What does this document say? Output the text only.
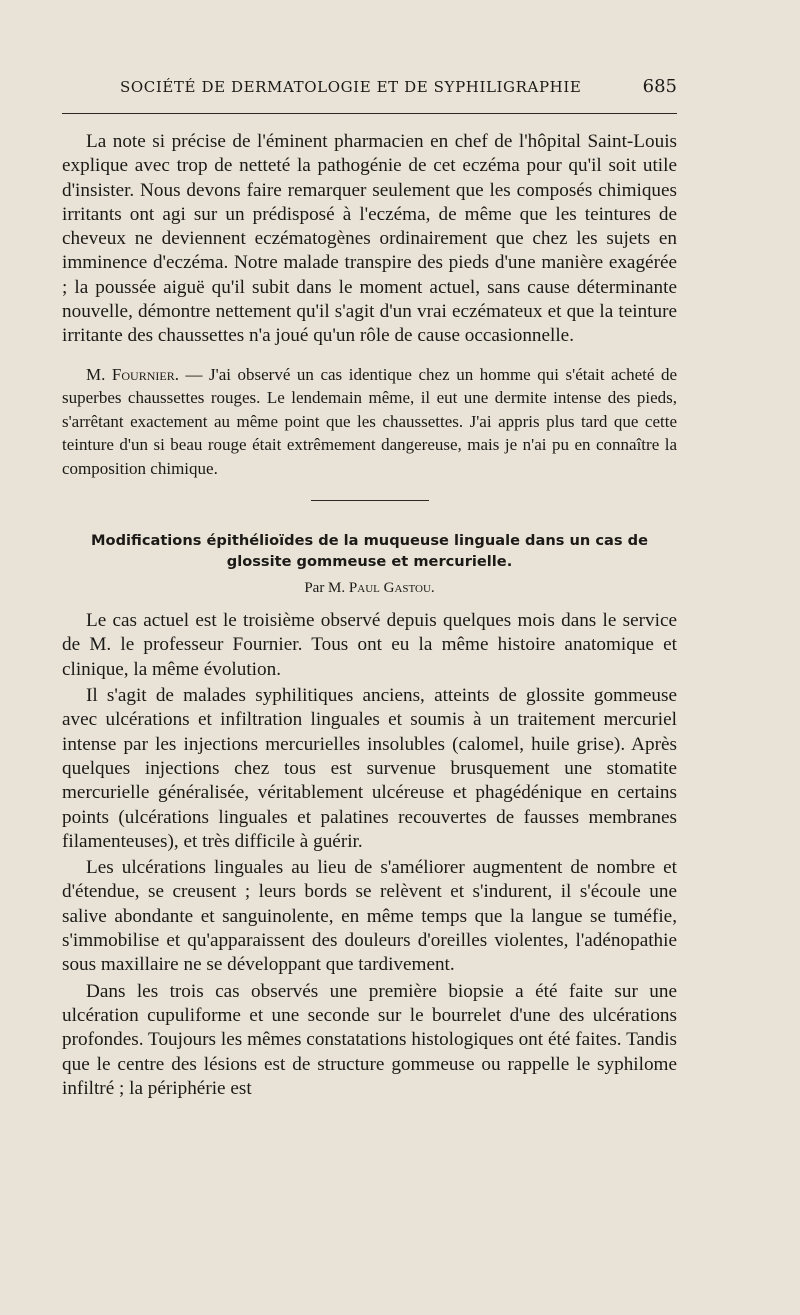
SOCIÉTÉ DE DERMATOLOGIE ET DE SYPHILIGRAPHIE	685

La note si précise de l'éminent pharmacien en chef de l'hôpital Saint-Louis explique avec trop de netteté la pathogénie de cet eczéma pour qu'il soit utile d'insister. Nous devons faire remarquer seulement que les composés chimiques irritants ont agi sur un prédisposé à l'eczéma, de même que les teintures de cheveux ne deviennent eczématogènes ordinairement que chez les sujets en imminence d'eczéma. Notre malade transpire des pieds d'une manière exagérée ; la poussée aiguë qu'il subit dans le moment actuel, sans cause déterminante nouvelle, démontre nettement qu'il s'agit d'un vrai eczémateux et que la teinture irritante des chaussettes n'a joué qu'un rôle de cause occasionnelle.

M. Fournier. — J'ai observé un cas identique chez un homme qui s'était acheté de superbes chaussettes rouges. Le lendemain même, il eut une dermite intense des pieds, s'arrêtant exactement au même point que les chaussettes. J'ai appris plus tard que cette teinture d'un si beau rouge était extrêmement dangereuse, mais je n'ai pu en connaître la composition chimique.

Modifications épithélioïdes de la muqueuse linguale dans un cas de glossite gommeuse et mercurielle.

Par M. Paul Gastou.

Le cas actuel est le troisième observé depuis quelques mois dans le service de M. le professeur Fournier. Tous ont eu la même histoire anatomique et clinique, la même évolution.

Il s'agit de malades syphilitiques anciens, atteints de glossite gommeuse avec ulcérations et infiltration linguales et soumis à un traitement mercuriel intense par les injections mercurielles insolubles (calomel, huile grise). Après quelques injections chez tous est survenue brusquement une stomatite mercurielle généralisée, véritablement ulcéreuse et phagédénique en certains points (ulcérations linguales et palatines recouvertes de fausses membranes filamenteuses), et très difficile à guérir.

Les ulcérations linguales au lieu de s'améliorer augmentent de nombre et d'étendue, se creusent ; leurs bords se relèvent et s'indurent, il s'écoule une salive abondante et sanguinolente, en même temps que la langue se tuméfie, s'immobilise et qu'apparaissent des douleurs d'oreilles violentes, l'adénopathie sous maxillaire ne se développant que tardivement.

Dans les trois cas observés une première biopsie a été faite sur une ulcération cupuliforme et une seconde sur le bourrelet d'une des ulcérations profondes. Toujours les mêmes constatations histologiques ont été faites. Tandis que le centre des lésions est de structure gommeuse ou rappelle le syphilome infiltré ; la périphérie est
